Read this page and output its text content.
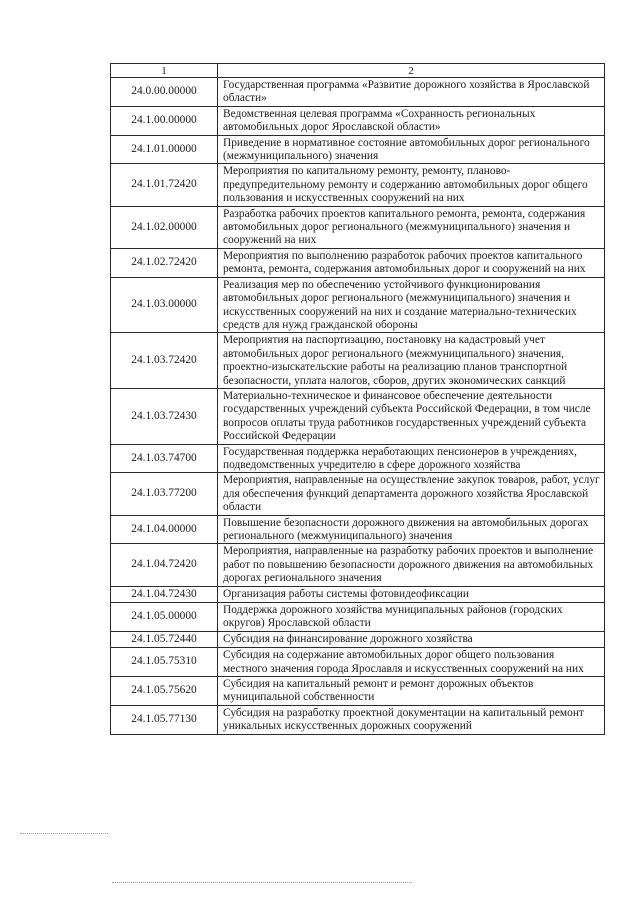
1	2
24.0.00.00000	Государственная программа «Развитие дорожного хозяйства в Ярославской области»
24.1.00.00000	Ведомственная целевая программа «Сохранность региональных автомобильных дорог Ярославской области»
24.1.01.00000	Приведение в нормативное состояние автомобильных дорог регионального (межмуниципального) значения
24.1.01.72420	Мероприятия по капитальному ремонту, ремонту, планово-предупредительному ремонту и содержанию автомобильных дорог общего пользования и искусственных сооружений на них
24.1.02.00000	Разработка рабочих проектов капитального ремонта, ремонта, содержания автомобильных дорог регионального (межмуниципального) значения и сооружений на них
24.1.02.72420	Мероприятия по выполнению разработок рабочих проектов капитального ремонта, ремонта, содержания автомобильных дорог и сооружений на них
24.1.03.00000	Реализация мер по обеспечению устойчивого функционирования автомобильных дорог регионального (межмуниципального) значения и искусственных сооружений на них и создание материально-технических средств для нужд гражданской обороны
24.1.03.72420	Мероприятия на паспортизацию, постановку на кадастровый учет автомобильных дорог регионального (межмуниципального) значения, проектно-изыскательские работы на реализацию планов транспортной безопасности, уплата налогов, сборов, других экономических санкций
24.1.03.72430	Материально-техническое и финансовое обеспечение деятельности государственных учреждений субъекта Российской Федерации, в том числе вопросов оплаты труда работников государственных учреждений субъекта Российской Федерации
24.1.03.74700	Государственная поддержка неработающих пенсионеров в учреждениях, подведомственных учредителю в сфере дорожного хозяйства
24.1.03.77200	Мероприятия, направленные на осуществление закупок товаров, работ, услуг для обеспечения функций департамента дорожного хозяйства Ярославской области
24.1.04.00000	Повышение безопасности дорожного движения на автомобильных дорогах регионального (межмуниципального) значения
24.1.04.72420	Мероприятия, направленные на разработку рабочих проектов и выполнение работ по повышению безопасности дорожного движения на автомобильных дорогах регионального значения
24.1.04.72430	Организация работы системы фотовидеофиксации
24.1.05.00000	Поддержка дорожного хозяйства муниципальных районов (городских округов) Ярославской области
24.1.05.72440	Субсидия на финансирование дорожного хозяйства
24.1.05.75310	Субсидия на содержание автомобильных дорог общего пользования местного значения города Ярославля и искусственных сооружений на них
24.1.05.75620	Субсидия на капитальный ремонт и ремонт дорожных объектов муниципальной собственности
24.1.05.77130	Субсидия на разработку проектной документации на капитальный ремонт уникальных искусственных дорожных сооружений
